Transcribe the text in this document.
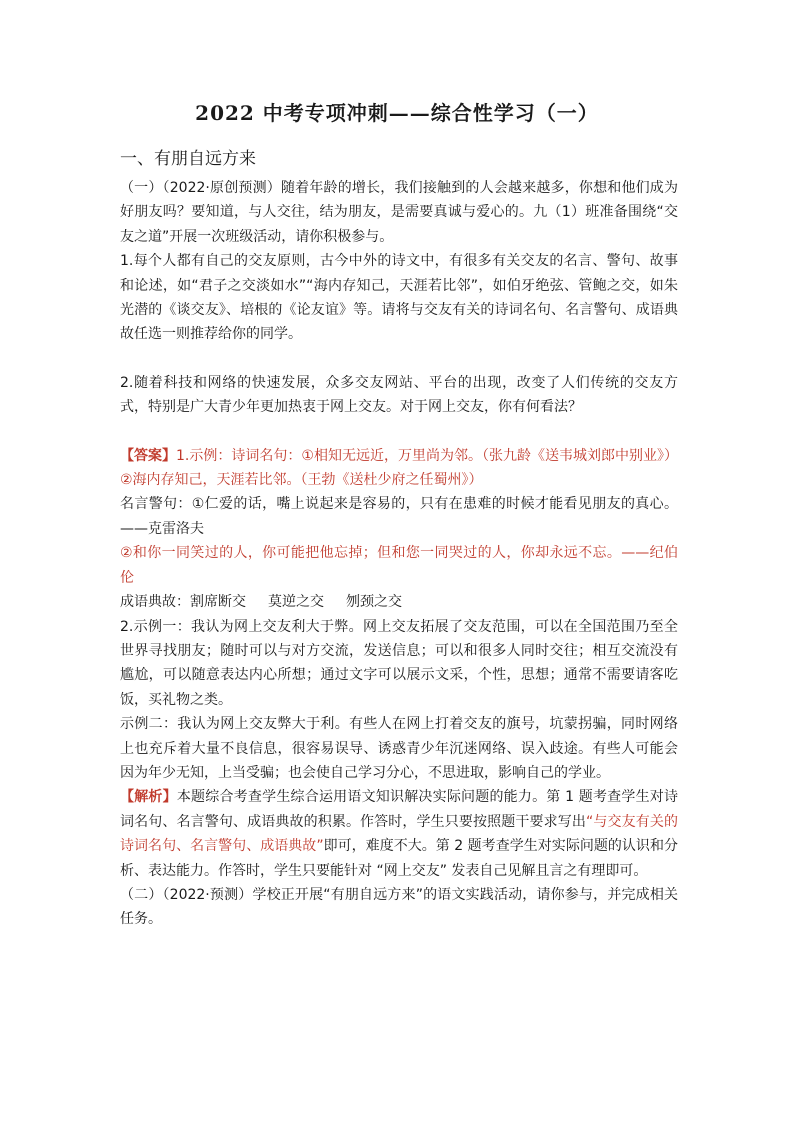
2022 中考专项冲刺——综合性学习（一）
一、有朋自远方来

（一）（2022·原创预测）随着年龄的增长，我们接触到的人会越来越多，你想和他们成为好朋友吗？要知道，与人交往，结为朋友，是需要真诚与爱心的。九（1）班准备围绕“交友之道”开展一次班级活动，请你积极参与。

1.每个人都有自己的交友原则，古今中外的诗文中，有很多有关交友的名言、警句、故事和论述，如“君子之交淡如水”“海内存知己，天涯若比邻”，如伯牙绝弦、管鲍之交，如朱光潜的《谈交友》、培根的《论友谊》等。请将与交友有关的诗词名句、名言警句、成语典故任选一则推荐给你的同学。

2.随着科技和网络的快速发展，众多交友网站、平台的出现，改变了人们传统的交友方式，特别是广大青少年更加热衷于网上交友。对于网上交友，你有何看法？

【答案】1.示例：诗词名句：①相知无远近，万里尚为邻。（张九龄《送韦城刘郎中别业》）②海内存知己，天涯若比邻。（王勃《送杜少府之任蜀州》）

名言警句：①仁爱的话，嘴上说起来是容易的，只有在患难的时候才能看见朋友的真心。——克雷洛夫

②和你一同笑过的人，你可能把他忘掉；但和您一同哭过的人，你却永远不忘。——纪伯伦

成语典故：割席断交 莫逆之交 刎颈之交

2.示例一：我认为网上交友利大于弊。网上交友拓展了交友范围，可以在全国范围乃至全世界寻找朋友；随时可以与对方交流，发送信息；可以和很多人同时交往；相互交流没有尴尬，可以随意表达内心所想；通过文字可以展示文采，个性，思想；通常不需要请客吃饭，买礼物之类。

示例二：我认为网上交友弊大于利。有些人在网上打着交友的旗号，坑蒙拐骗，同时网络上也充斥着大量不良信息，很容易误导、诱惑青少年沉迷网络、误入歧途。有些人可能会因为年少无知，上当受骗；也会使自己学习分心，不思进取，影响自己的学业。

【解析】本题综合考查学生综合运用语文知识解决实际问题的能力。第 1 题考查学生对诗词名句、名言警句、成语典故的积累。作答时，学生只要按照题干要求写出“与交友有关的诗词名句、名言警句、成语典故”即可，难度不大。第 2 题考查学生对实际问题的认识和分析、表达能力。作答时，学生只要能针对 “网上交友” 发表自己见解且言之有理即可。

（二）（2022·预测）学校正开展“有朋自远方来”的语文实践活动，请你参与，并完成相关任务。
